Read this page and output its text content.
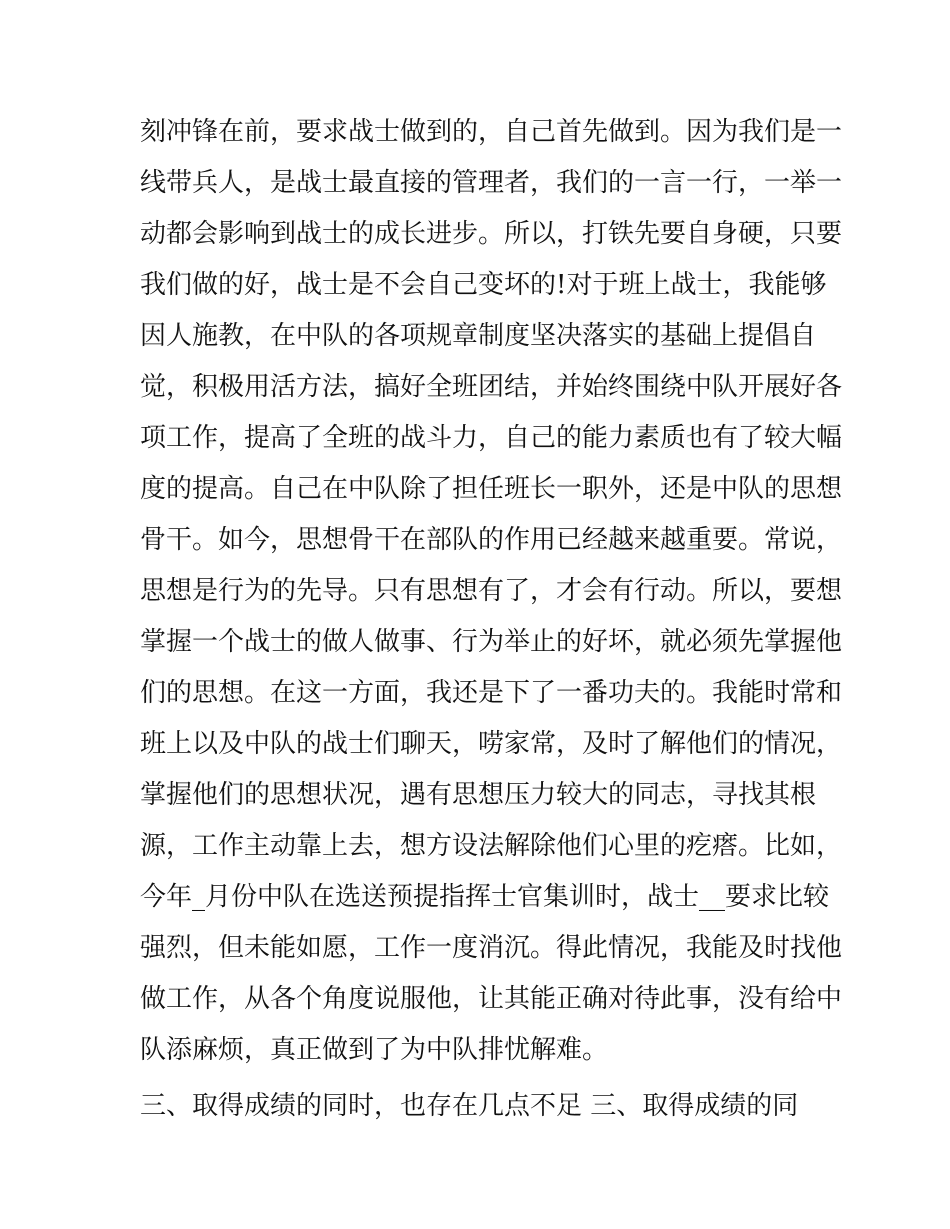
刻冲锋在前，要求战士做到的，自己首先做到。因为我们是一
线带兵人，是战士最直接的管理者，我们的一言一行，一举一
动都会影响到战士的成长进步。所以，打铁先要自身硬，只要
我们做的好，战士是不会自己变坏的!对于班上战士，我能够
因人施教，在中队的各项规章制度坚决落实的基础上提倡自
觉，积极用活方法，搞好全班团结，并始终围绕中队开展好各
项工作，提高了全班的战斗力，自己的能力素质也有了较大幅
度的提高。自己在中队除了担任班长一职外，还是中队的思想
骨干。如今，思想骨干在部队的作用已经越来越重要。常说，
思想是行为的先导。只有思想有了，才会有行动。所以，要想
掌握一个战士的做人做事、行为举止的好坏，就必须先掌握他
们的思想。在这一方面，我还是下了一番功夫的。我能时常和
班上以及中队的战士们聊天，唠家常，及时了解他们的情况，
掌握他们的思想状况，遇有思想压力较大的同志，寻找其根
源，工作主动靠上去，想方设法解除他们心里的疙瘩。比如，
今年_月份中队在选送预提指挥士官集训时，战士__要求比较
强烈，但未能如愿，工作一度消沉。得此情况，我能及时找他
做工作，从各个角度说服他，让其能正确对待此事，没有给中
队添麻烦，真正做到了为中队排忧解难。
三、取得成绩的同时，也存在几点不足 三、取得成绩的同
